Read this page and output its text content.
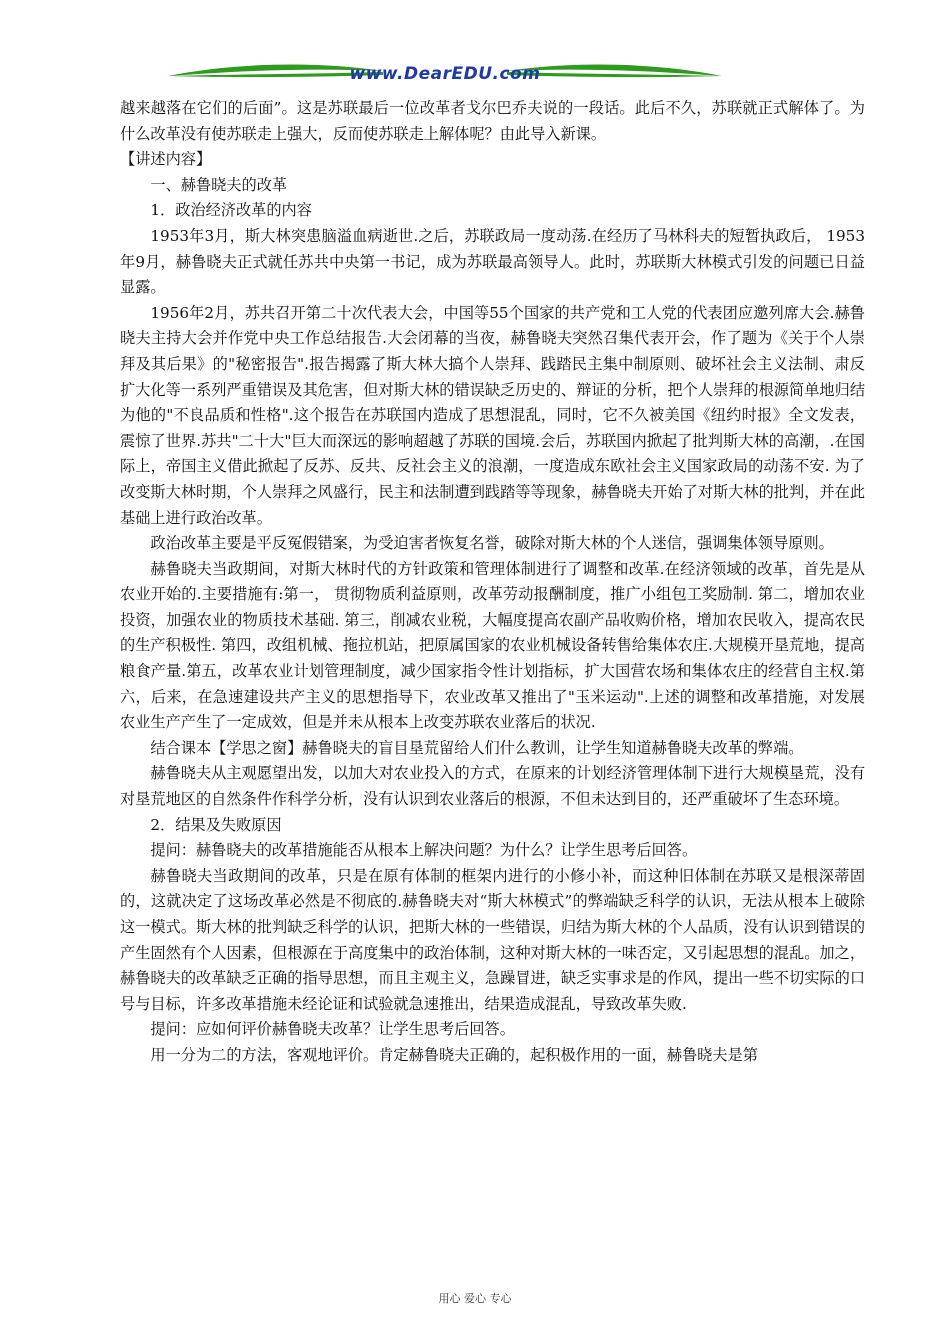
www.DearEDU.com

越来越落在它们的后面”。这是苏联最后一位改革者戈尔巴乔夫说的一段话。此后不久，苏联就正式解体了。为什么改革没有使苏联走上强大，反而使苏联走上解体呢？由此导入新课。

【讲述内容】

一、赫鲁晓夫的改革

1．政治经济改革的内容

1953年3月，斯大林突患脑溢血病逝世.之后，苏联政局一度动荡.在经历了马林科夫的短暂执政后， 1953年9月，赫鲁晓夫正式就任苏共中央第一书记，成为苏联最高领导人。此时，苏联斯大林模式引发的问题已日益显露。

1956年2月，苏共召开第二十次代表大会，中国等55个国家的共产党和工人党的代表团应邀列席大会.赫鲁晓夫主持大会并作党中央工作总结报告.大会闭幕的当夜，赫鲁晓夫突然召集代表开会，作了题为《关于个人崇拜及其后果》的"秘密报告".报告揭露了斯大林大搞个人崇拜、践踏民主集中制原则、破坏社会主义法制、肃反扩大化等一系列严重错误及其危害，但对斯大林的错误缺乏历史的、辩证的分析，把个人崇拜的根源简单地归结为他的"不良品质和性格".这个报告在苏联国内造成了思想混乱，同时，它不久被美国《纽约时报》全文发表，震惊了世界.苏共"二十大"巨大而深远的影响超越了苏联的国境.会后，苏联国内掀起了批判斯大林的高潮，.在国际上，帝国主义借此掀起了反苏、反共、反社会主义的浪潮，一度造成东欧社会主义国家政局的动荡不安. 为了改变斯大林时期，个人崇拜之风盛行，民主和法制遭到践踏等等现象，赫鲁晓夫开始了对斯大林的批判，并在此基础上进行政治改革。

政治改革主要是平反冤假错案，为受迫害者恢复名誉，破除对斯大林的个人迷信，强调集体领导原则。

赫鲁晓夫当政期间，对斯大林时代的方针政策和管理体制进行了调整和改革.在经济领域的改革，首先是从农业开始的.主要措施有:第一， 贯彻物质利益原则，改革劳动报酬制度，推广小组包工奖励制. 第二，增加农业投资，加强农业的物质技术基础. 第三，削减农业税，大幅度提高农副产品收购价格，增加农民收入，提高农民的生产积极性. 第四，改组机械、拖拉机站，把原属国家的农业机械设备转售给集体农庄.大规模开垦荒地，提高粮食产量.第五，改革农业计划管理制度，减少国家指令性计划指标，扩大国营农场和集体农庄的经营自主权.第六，后来，在急速建设共产主义的思想指导下，农业改革又推出了"玉米运动".上述的调整和改革措施，对发展农业生产产生了一定成效，但是并未从根本上改变苏联农业落后的状况.

结合课本【学思之窗】赫鲁晓夫的盲目垦荒留给人们什么教训，让学生知道赫鲁晓夫改革的弊端。

赫鲁晓夫从主观愿望出发，以加大对农业投入的方式，在原来的计划经济管理体制下进行大规模垦荒，没有对垦荒地区的自然条件作科学分析，没有认识到农业落后的根源，不但未达到目的，还严重破坏了生态环境。

2．结果及失败原因

提问：赫鲁晓夫的改革措施能否从根本上解决问题？为什么？让学生思考后回答。

赫鲁晓夫当政期间的改革，只是在原有体制的框架内进行的小修小补，而这种旧体制在苏联又是根深蒂固的，这就决定了这场改革必然是不彻底的.赫鲁晓夫对“斯大林模式”的弊端缺乏科学的认识，无法从根本上破除这一模式。斯大林的批判缺乏科学的认识，把斯大林的一些错误，归结为斯大林的个人品质，没有认识到错误的产生固然有个人因素，但根源在于高度集中的政治体制，这种对斯大林的一味否定，又引起思想的混乱。加之，赫鲁晓夫的改革缺乏正确的指导思想，而且主观主义，急躁冒进，缺乏实事求是的作风，提出一些不切实际的口号与目标，许多改革措施未经论证和试验就急速推出，结果造成混乱，导致改革失败.

提问：应如何评价赫鲁晓夫改革？让学生思考后回答。

用一分为二的方法，客观地评价。肯定赫鲁晓夫正确的，起积极作用的一面，赫鲁晓夫是第

用心 爱心 专心
